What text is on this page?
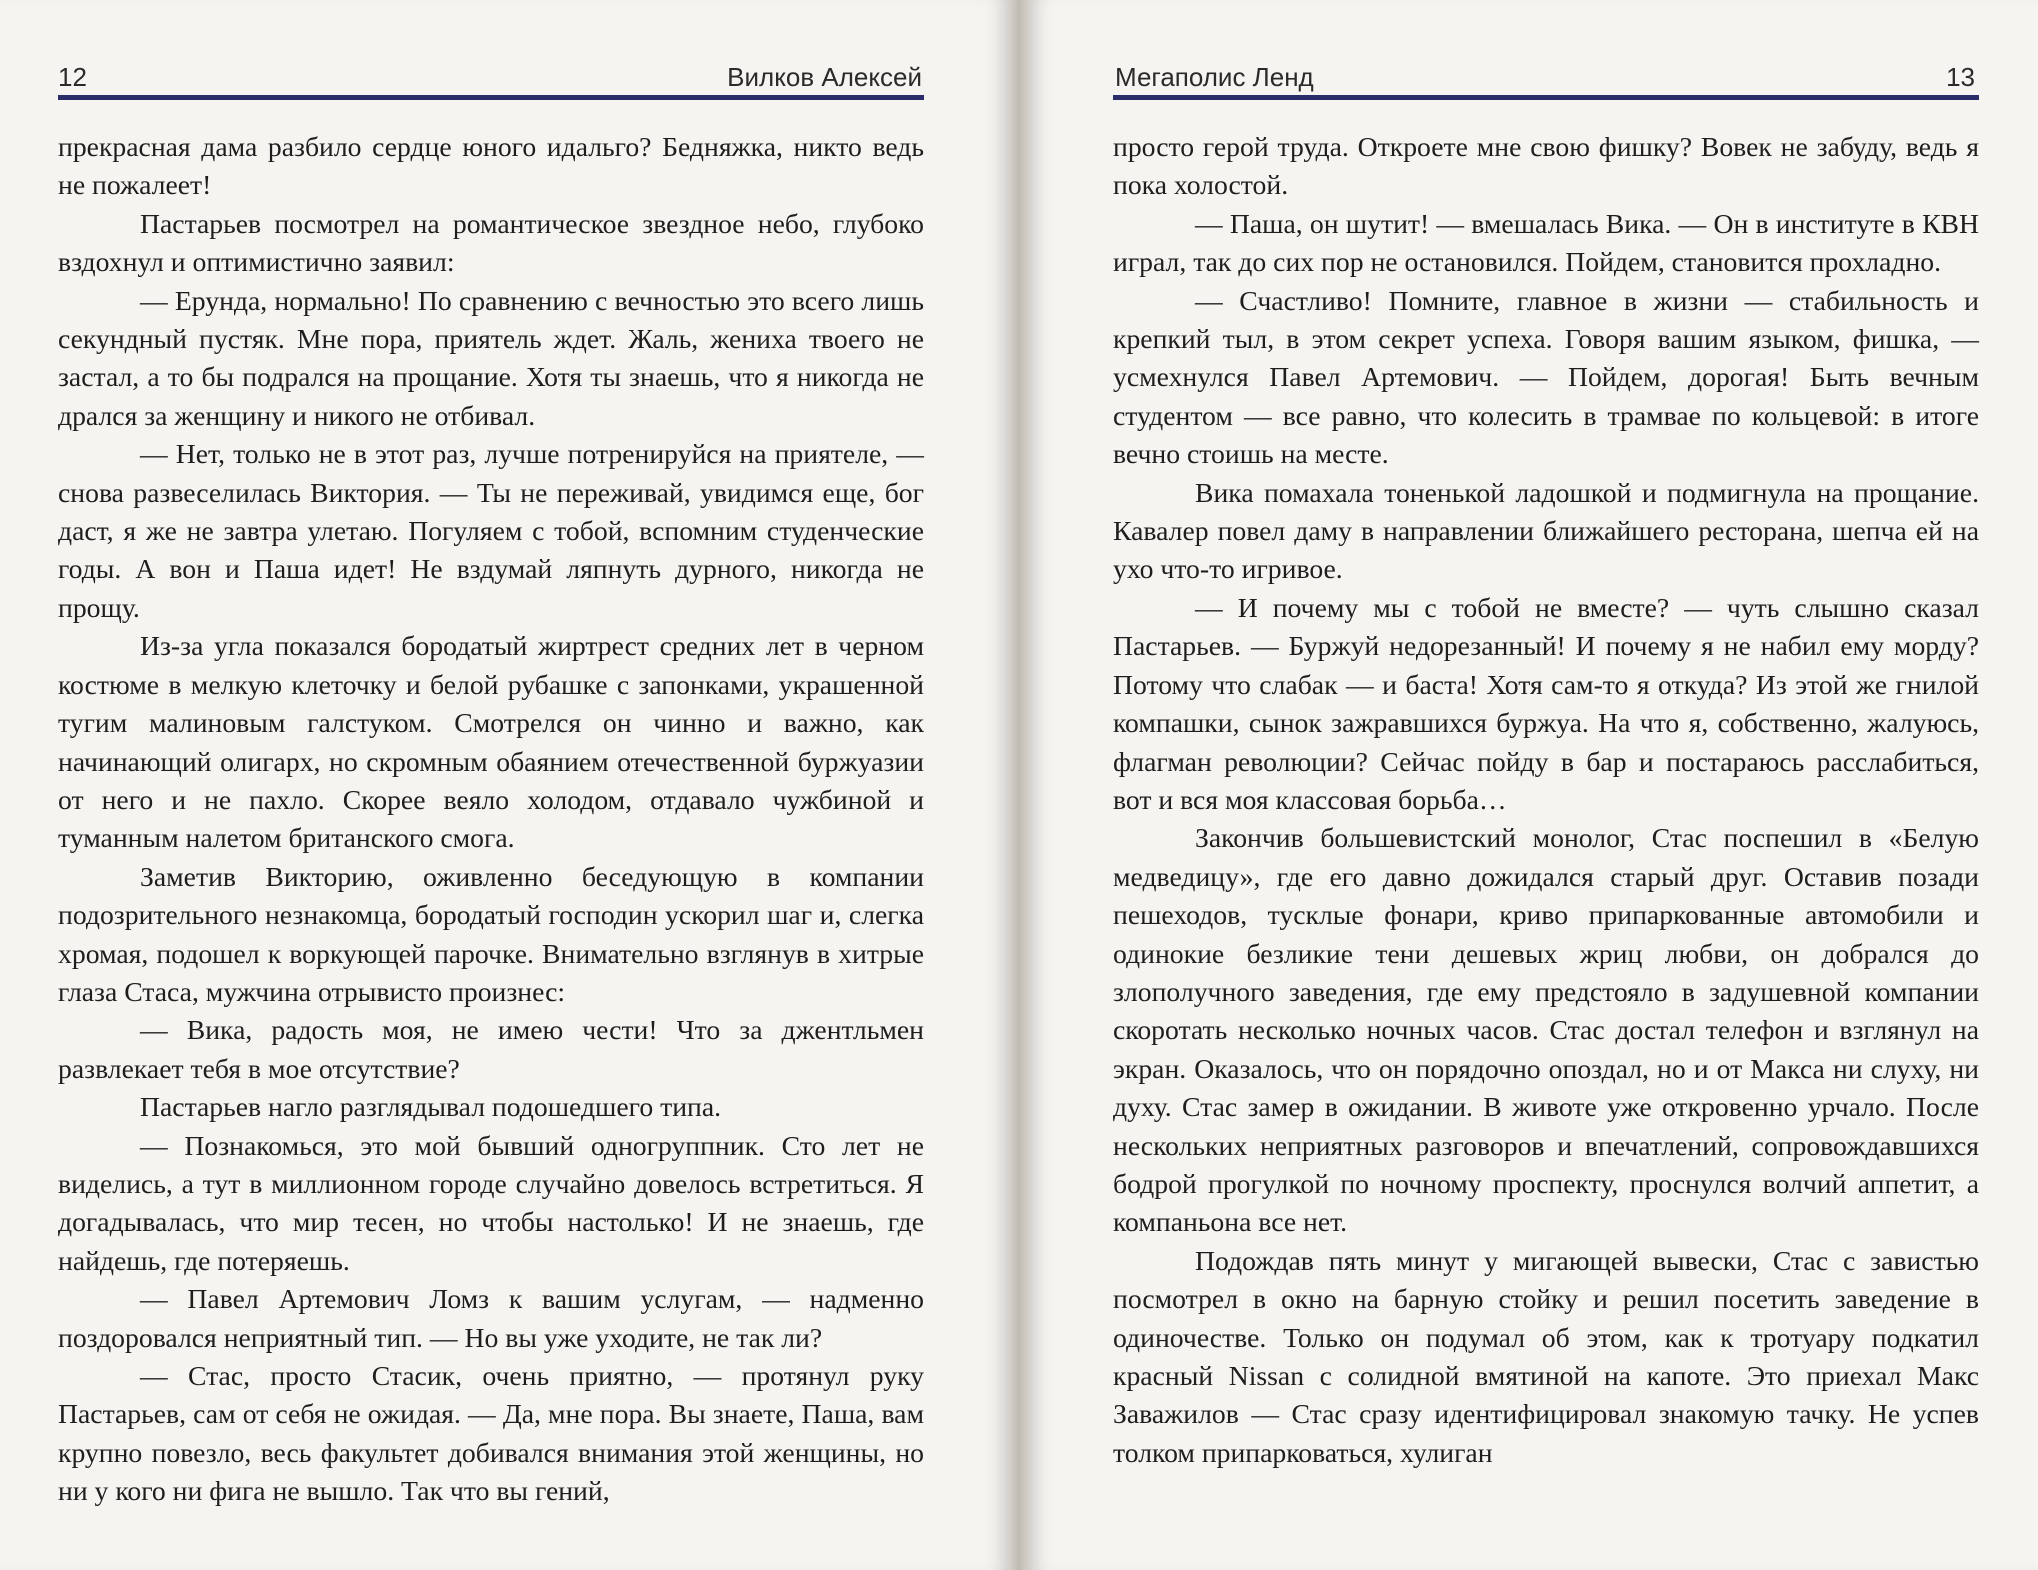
12	Вилков Алексей

прекрасная дама разбило сердце юного идальго? Бедняжка, никто ведь не пожалеет!

Пастарьев посмотрел на романтическое звездное небо, глубоко вздохнул и оптимистично заявил:

— Ерунда, нормально! По сравнению с вечностью это всего лишь секундный пустяк. Мне пора, приятель ждет. Жаль, жениха твоего не застал, а то бы подрался на прощание. Хотя ты знаешь, что я никогда не дрался за женщину и никого не отбивал.

— Нет, только не в этот раз, лучше потренируйся на приятеле, — снова развеселилась Виктория. — Ты не переживай, увидимся еще, бог даст, я же не завтра улетаю. Погуляем с тобой, вспомним студенческие годы. А вон и Паша идет! Не вздумай ляпнуть дурного, никогда не прощу.

Из-за угла показался бородатый жиртрест средних лет в черном костюме в мелкую клеточку и белой рубашке с запонками, украшенной тугим малиновым галстуком. Смотрелся он чинно и важно, как начинающий олигарх, но скромным обаянием отечественной буржуазии от него и не пахло. Скорее веяло холодом, отдавало чужбиной и туманным налетом британского смога.

Заметив Викторию, оживленно беседующую в компании подозрительного незнакомца, бородатый господин ускорил шаг и, слегка хромая, подошел к воркующей парочке. Внимательно взглянув в хитрые глаза Стаса, мужчина отрывисто произнес:

— Вика, радость моя, не имею чести! Что за джентльмен развлекает тебя в мое отсутствие?

Пастарьев нагло разглядывал подошедшего типа.

— Познакомься, это мой бывший одногруппник. Сто лет не виделись, а тут в миллионном городе случайно довелось встретиться. Я догадывалась, что мир тесен, но чтобы настолько! И не знаешь, где найдешь, где потеряешь.

— Павел Артемович Ломз к вашим услугам, — надменно поздоровался неприятный тип. — Но вы уже уходите, не так ли?

— Стас, просто Стасик, очень приятно, — протянул руку Пастарьев, сам от себя не ожидая. — Да, мне пора. Вы знаете, Паша, вам крупно повезло, весь факультет добивался внимания этой женщины, но ни у кого ни фига не вышло. Так что вы гений,

Мегаполис Ленд	13

просто герой труда. Откроете мне свою фишку? Вовек не забуду, ведь я пока холостой.

— Паша, он шутит! — вмешалась Вика. — Он в институте в КВН играл, так до сих пор не остановился. Пойдем, становится прохладно.

— Счастливо! Помните, главное в жизни — стабильность и крепкий тыл, в этом секрет успеха. Говоря вашим языком, фишка, — усмехнулся Павел Артемович. — Пойдем, дорогая! Быть вечным студентом — все равно, что колесить в трамвае по кольцевой: в итоге вечно стоишь на месте.

Вика помахала тоненькой ладошкой и подмигнула на прощание. Кавалер повел даму в направлении ближайшего ресторана, шепча ей на ухо что-то игривое.

— И почему мы с тобой не вместе? — чуть слышно сказал Пастарьев. — Буржуй недорезанный! И почему я не набил ему морду? Потому что слабак — и баста! Хотя сам-то я откуда? Из этой же гнилой компашки, сынок зажравшихся буржуа. На что я, собственно, жалуюсь, флагман революции? Сейчас пойду в бар и постараюсь расслабиться, вот и вся моя классовая борьба…

Закончив большевистский монолог, Стас поспешил в «Белую медведицу», где его давно дожидался старый друг. Оставив позади пешеходов, тусклые фонари, криво припаркованные автомобили и одинокие безликие тени дешевых жриц любви, он добрался до злополучного заведения, где ему предстояло в задушевной компании скоротать несколько ночных часов. Стас достал телефон и взглянул на экран. Оказалось, что он порядочно опоздал, но и от Макса ни слуху, ни духу. Стас замер в ожидании. В животе уже откровенно урчало. После нескольких неприятных разговоров и впечатлений, сопровождавшихся бодрой прогулкой по ночному проспекту, проснулся волчий аппетит, а компаньона все нет.

Подождав пять минут у мигающей вывески, Стас с завистью посмотрел в окно на барную стойку и решил посетить заведение в одиночестве. Только он подумал об этом, как к тротуару подкатил красный Nissan с солидной вмятиной на капоте. Это приехал Макс Заважилов — Стас сразу идентифицировал знакомую тачку. Не успев толком припарковаться, хулиган
